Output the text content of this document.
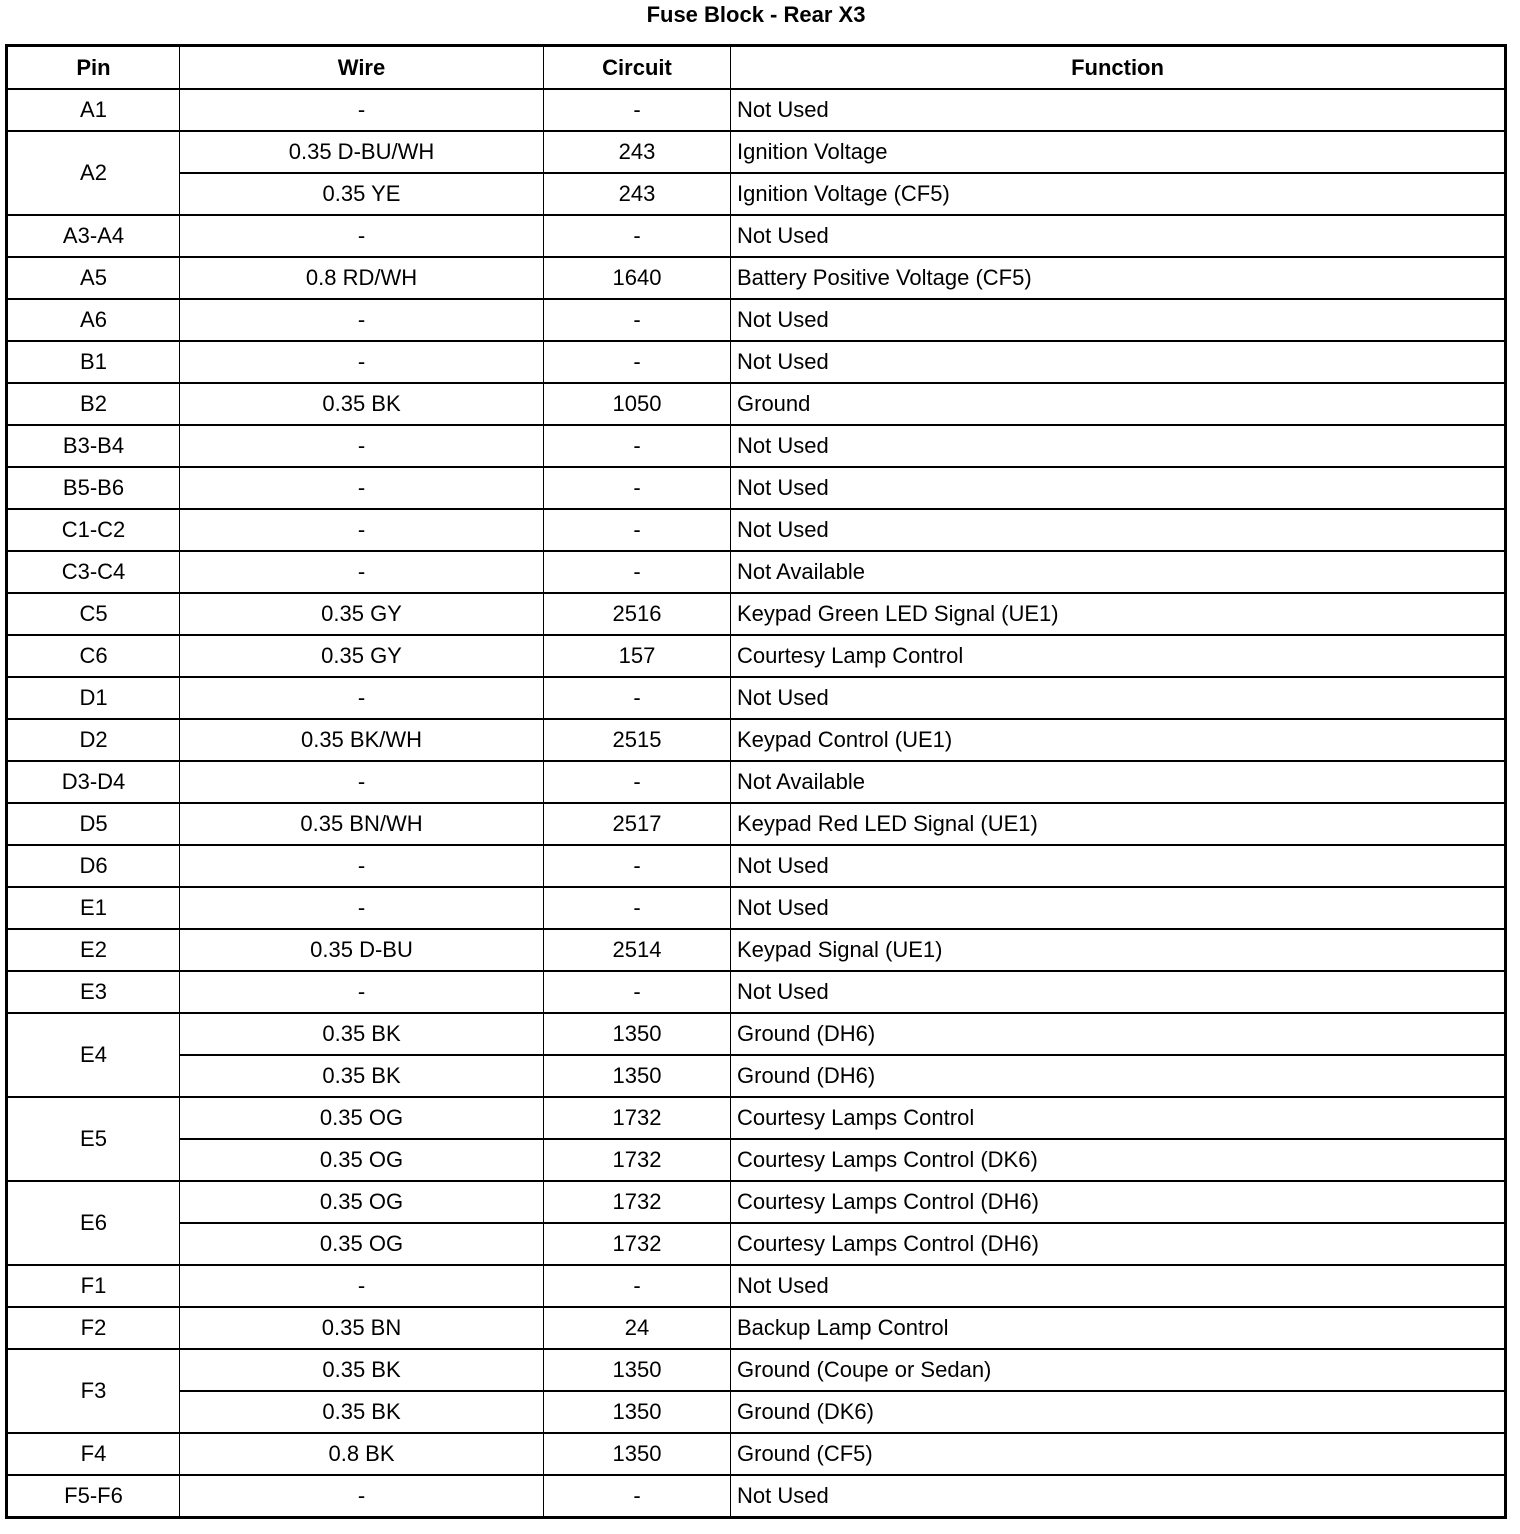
Fuse Block - Rear X3
Pin	Wire	Circuit	Function
A1	-	-	Not Used
A2	0.35 D-BU/WH	243	Ignition Voltage
	0.35 YE	243	Ignition Voltage (CF5)
A3-A4	-	-	Not Used
A5	0.8 RD/WH	1640	Battery Positive Voltage (CF5)
A6	-	-	Not Used
B1	-	-	Not Used
B2	0.35 BK	1050	Ground
B3-B4	-	-	Not Used
B5-B6	-	-	Not Used
C1-C2	-	-	Not Used
C3-C4	-	-	Not Available
C5	0.35 GY	2516	Keypad Green LED Signal (UE1)
C6	0.35 GY	157	Courtesy Lamp Control
D1	-	-	Not Used
D2	0.35 BK/WH	2515	Keypad Control (UE1)
D3-D4	-	-	Not Available
D5	0.35 BN/WH	2517	Keypad Red LED Signal (UE1)
D6	-	-	Not Used
E1	-	-	Not Used
E2	0.35 D-BU	2514	Keypad Signal (UE1)
E3	-	-	Not Used
E4	0.35 BK	1350	Ground (DH6)
	0.35 BK	1350	Ground (DH6)
E5	0.35 OG	1732	Courtesy Lamps Control
	0.35 OG	1732	Courtesy Lamps Control (DK6)
E6	0.35 OG	1732	Courtesy Lamps Control (DH6)
	0.35 OG	1732	Courtesy Lamps Control (DH6)
F1	-	-	Not Used
F2	0.35 BN	24	Backup Lamp Control
F3	0.35 BK	1350	Ground (Coupe or Sedan)
	0.35 BK	1350	Ground (DK6)
F4	0.8 BK	1350	Ground (CF5)
F5-F6	-	-	Not Used
